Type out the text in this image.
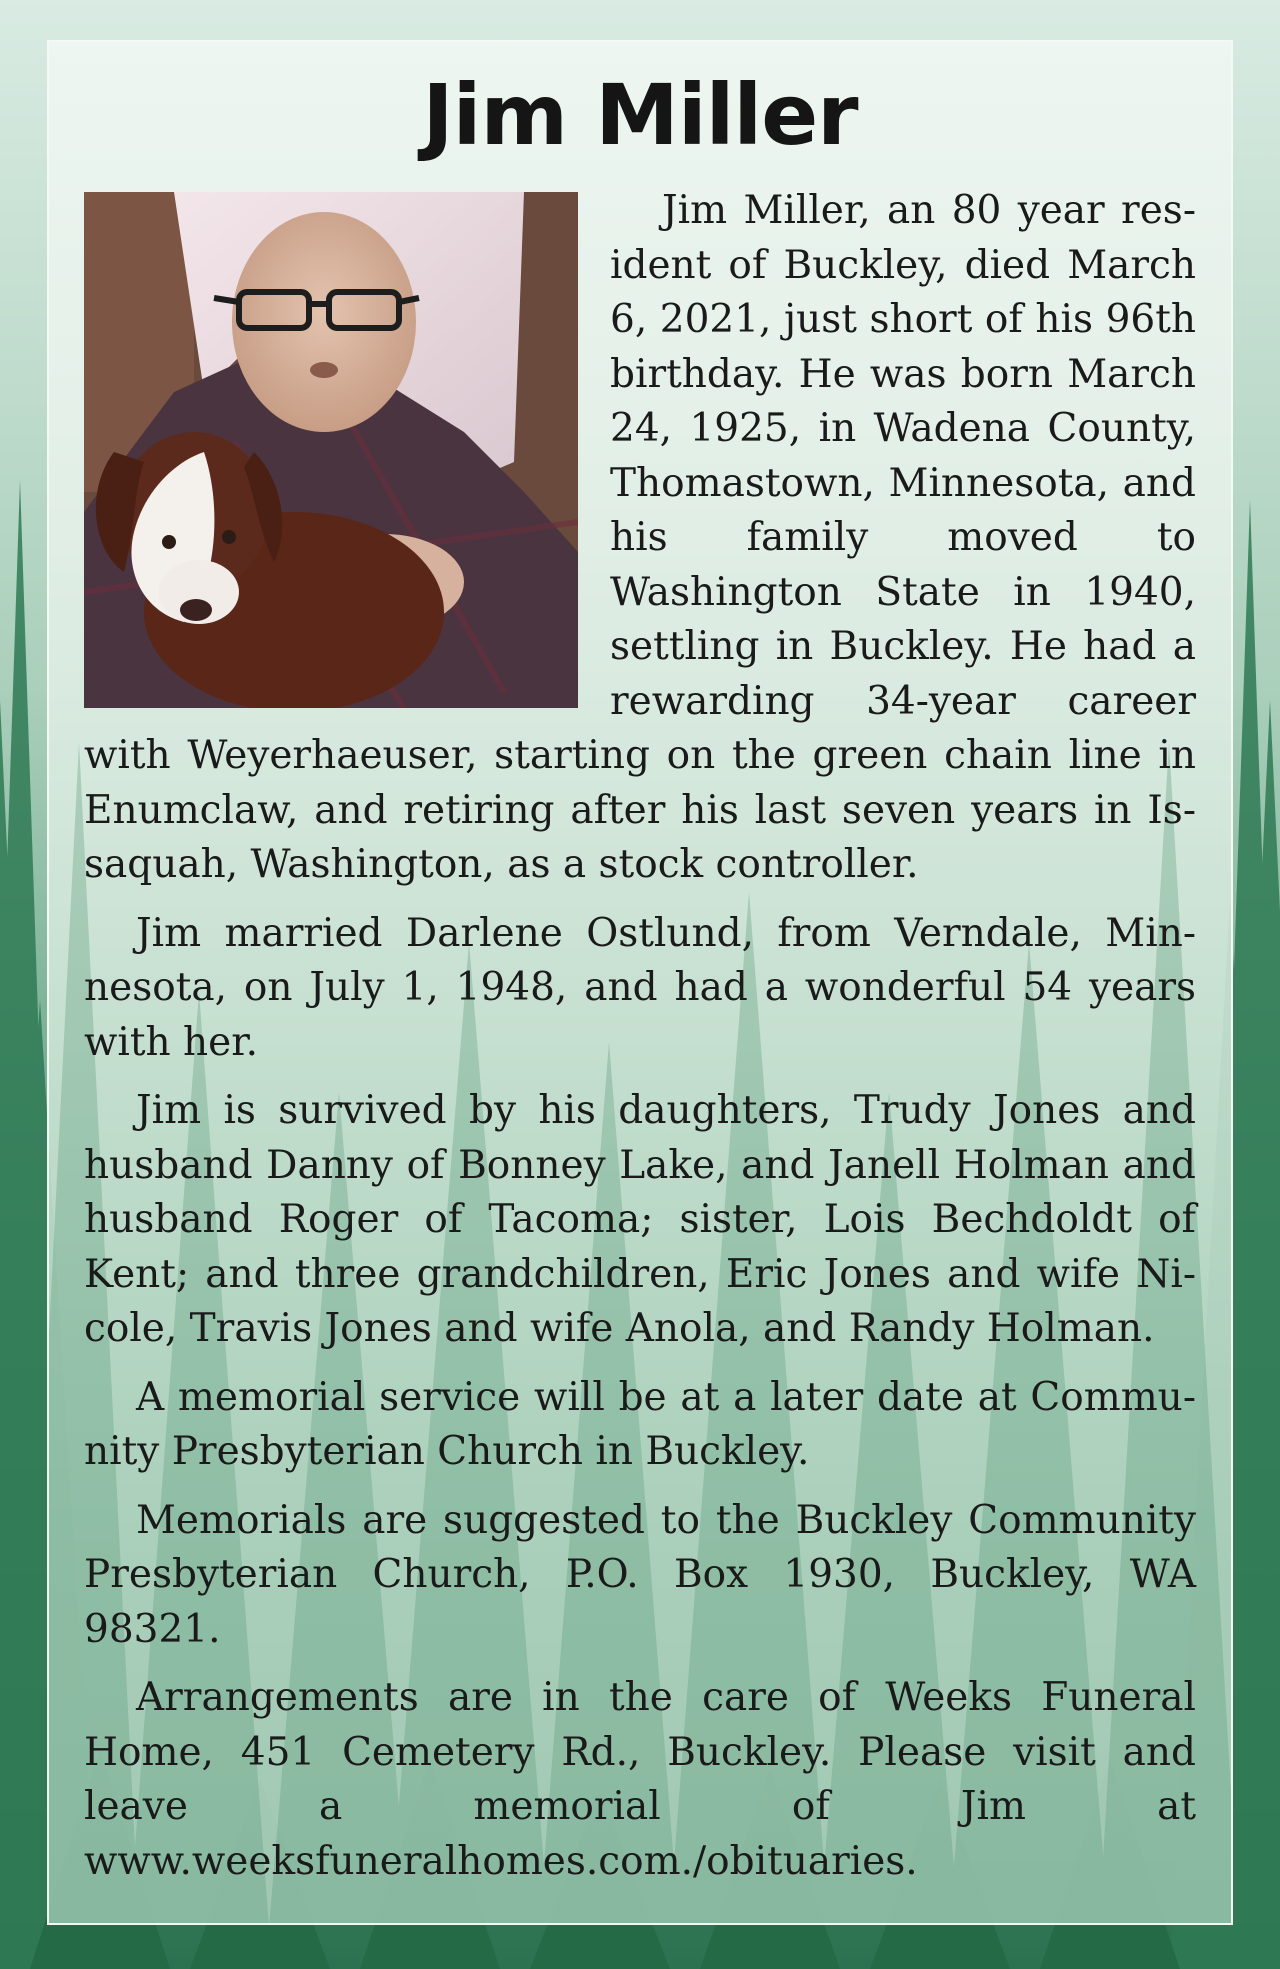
Jim Miller

Jim Miller, an 80 year resident of Buckley, died March 6, 2021, just short of his 96th birthday. He was born March 24, 1925, in Wadena County, Thomastown, Minnesota, and his family moved to Washington State in 1940, settling in Buckley. He had a rewarding 34-year career with Weyerhaeuser, starting on the green chain line in Enumclaw, and retiring after his last seven years in Issaquah, Washington, as a stock controller.

Jim married Darlene Ostlund, from Verndale, Minnesota, on July 1, 1948, and had a wonderful 54 years with her.

Jim is survived by his daughters, Trudy Jones and husband Danny of Bonney Lake, and Janell Holman and husband Roger of Tacoma; sister, Lois Bechdoldt of Kent; and three grandchildren, Eric Jones and wife Nicole, Travis Jones and wife Anola, and Randy Holman.

A memorial service will be at a later date at Community Presbyterian Church in Buckley.

Memorials are suggested to the Buckley Community Presbyterian Church, P.O. Box 1930, Buckley, WA 98321.

Arrangements are in the care of Weeks Funeral Home, 451 Cemetery Rd., Buckley. Please visit and leave a memorial of Jim at www.weeksfuneralhomes.com./obituaries.
